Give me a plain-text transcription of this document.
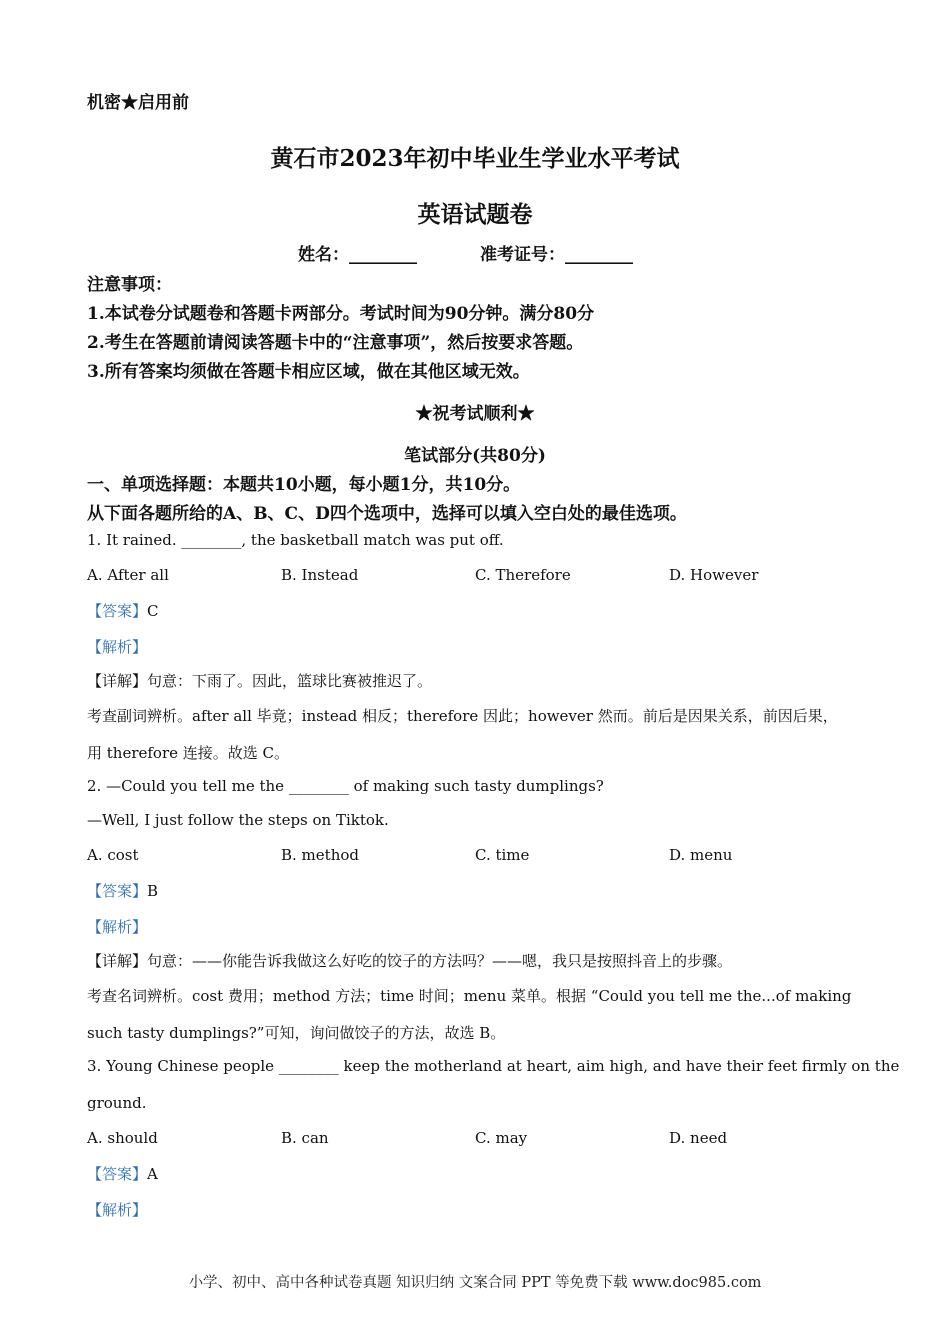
机密★启用前
黄石市2023年初中毕业生学业水平考试
英语试题卷
姓名：________	准考证号：________
注意事项：
1.本试卷分试题卷和答题卡两部分。考试时间为90分钟。满分80分
2.考生在答题前请阅读答题卡中的“注意事项”，然后按要求答题。
3.所有答案均须做在答题卡相应区域，做在其他区域无效。
★祝考试顺利★
笔试部分(共80分)
一、单项选择题：本题共10小题，每小题1分，共10分。
从下面各题所给的A、B、C、D四个选项中，选择可以填入空白处的最佳选项。
1. It rained. ________, the basketball match was put off.
A. After all	B. Instead	C. Therefore	D. However
【答案】C
【解析】
【详解】句意：下雨了。因此，篮球比赛被推迟了。
考查副词辨析。after all 毕竟；instead 相反；therefore 因此；however 然而。前后是因果关系，前因后果，
用 therefore 连接。故选 C。
2. —Could you tell me the ________ of making such tasty dumplings?
—Well, I just follow the steps on Tiktok.
A. cost	B. method	C. time	D. menu
【答案】B
【解析】
【详解】句意：——你能告诉我做这么好吃的饺子的方法吗？——嗯，我只是按照抖音上的步骤。
考查名词辨析。cost 费用；method 方法；time 时间；menu 菜单。根据 “Could you tell me the...of making
such tasty dumplings?”可知，询问做饺子的方法，故选 B。
3. Young Chinese people ________ keep the motherland at heart, aim high, and have their feet firmly on the
ground.
A. should	B. can	C. may	D. need
【答案】A
【解析】
小学、初中、高中各种试卷真题 知识归纳 文案合同 PPT 等免费下载 www.doc985.com
